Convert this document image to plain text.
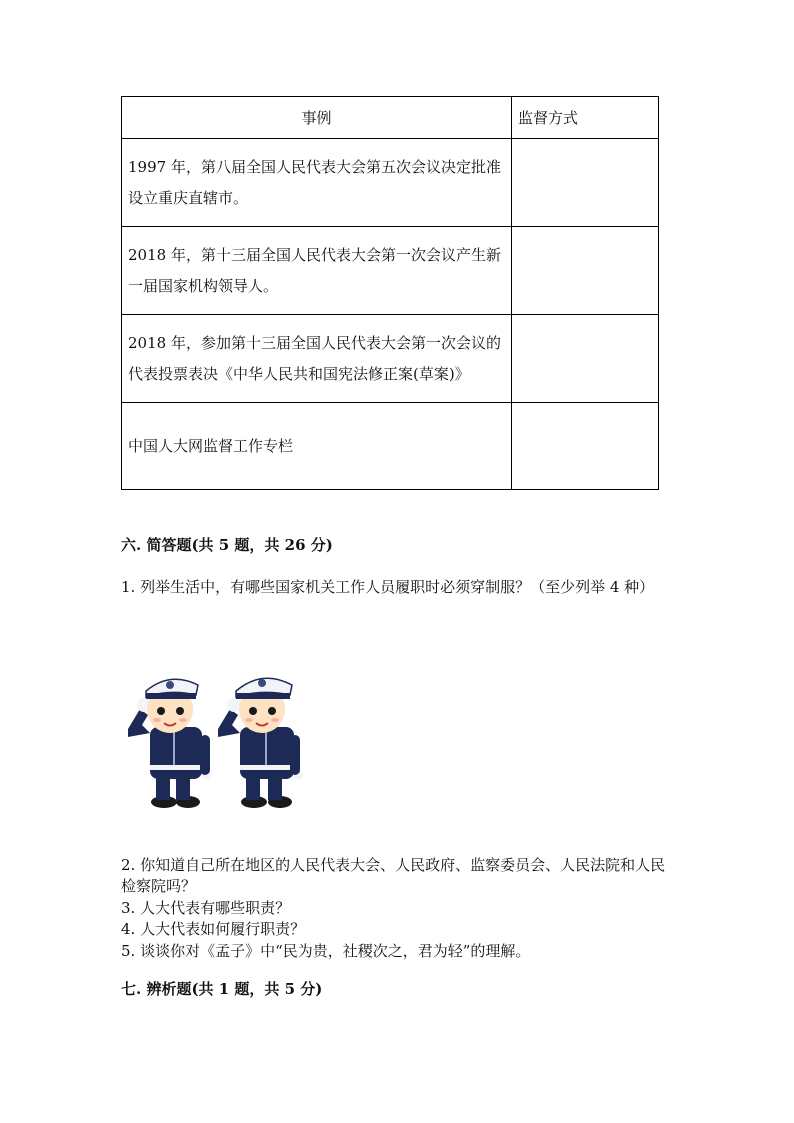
事例	监督方式
1997 年，第八届全国人民代表大会第五次会议决定批准设立重庆直辖市。	
2018 年，第十三届全国人民代表大会第一次会议产生新一届国家机构领导人。	
2018 年，参加第十三届全国人民代表大会第一次会议的代表投票表决《中华人民共和国宪法修正案(草案)》	
中国人大网监督工作专栏	
六. 简答题(共 5 题，共 26 分)
1. 列举生活中，有哪些国家机关工作人员履职时必须穿制服？（至少列举 4 种）
2. 你知道自己所在地区的人民代表大会、人民政府、监察委员会、人民法院和人民检察院吗？
3. 人大代表有哪些职责？
4. 人大代表如何履行职责？
5. 谈谈你对《孟子》中“民为贵，社稷次之，君为轻”的理解。
七. 辨析题(共 1 题，共 5 分)
